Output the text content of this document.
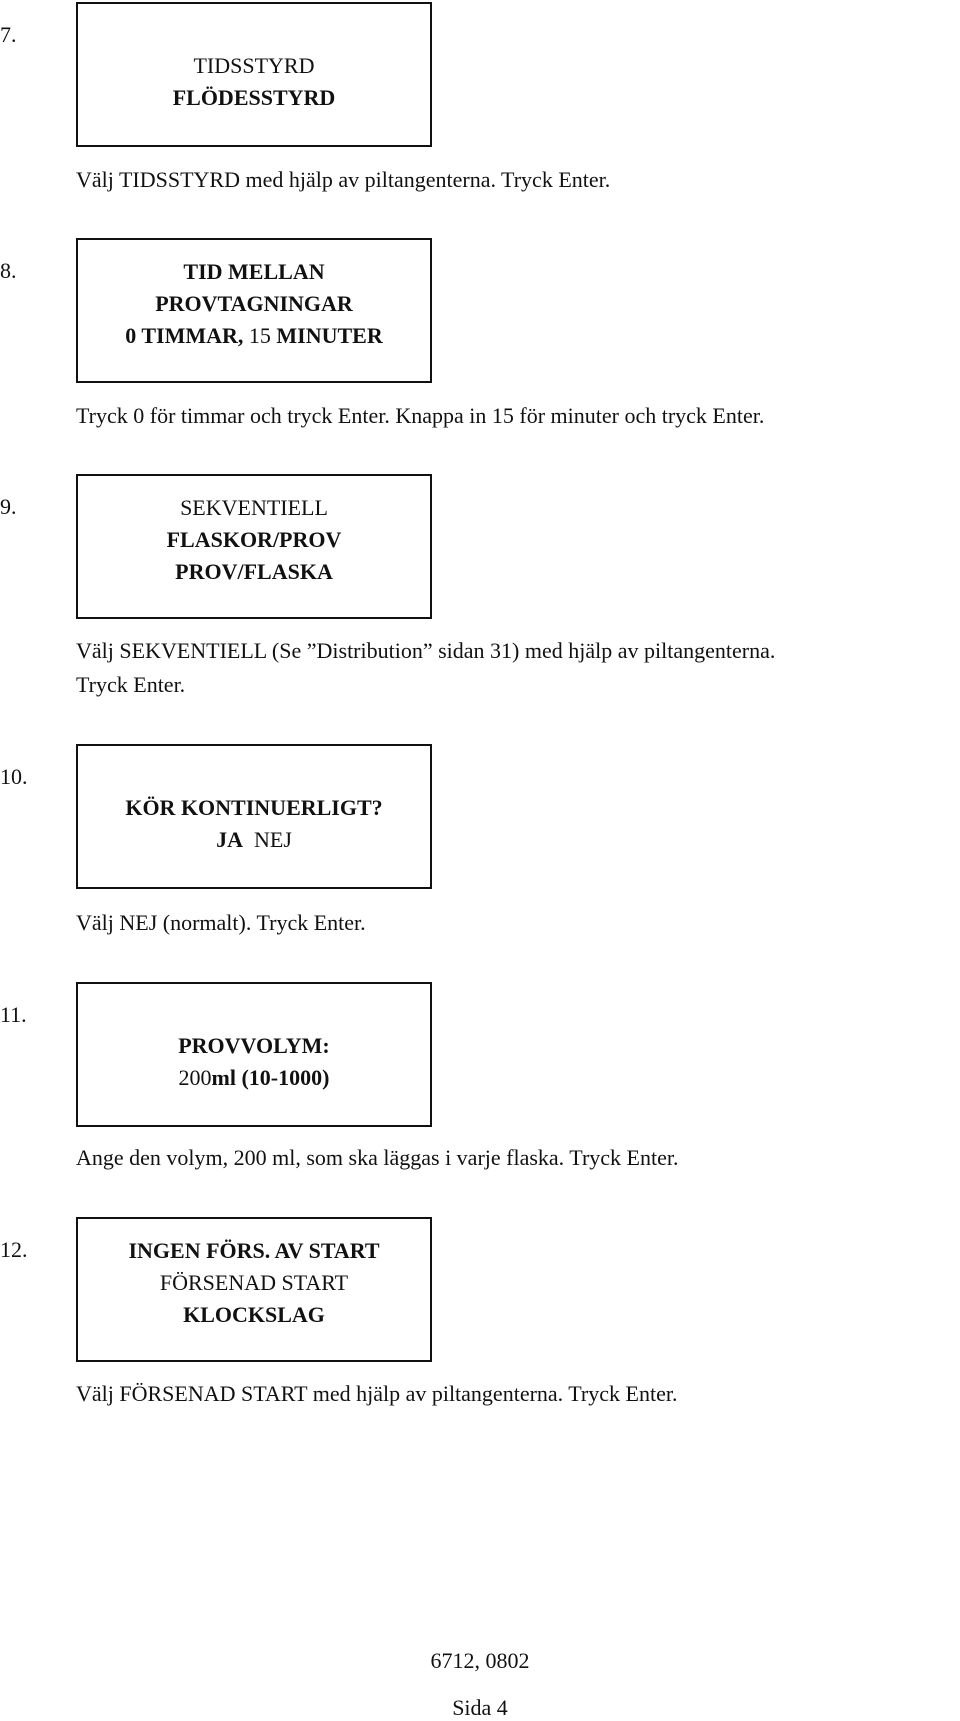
7.
TIDSSTYRD
FLÖDESSTYRD
Välj TIDSSTYRD med hjälp av piltangenterna. Tryck Enter.
8.	TID MELLAN
PROVTAGNINGAR
0 TIMMAR, 15 MINUTER
Tryck 0 för timmar och tryck Enter. Knappa in 15 för minuter och tryck Enter.
9.	SEKVENTIELL
FLASKOR/PROV
PROV/FLASKA
Välj SEKVENTIELL (Se ”Distribution” sidan 31) med hjälp av piltangenterna.
Tryck Enter.
10.
KÖR KONTINUERLIGT?
JA NEJ
Välj NEJ (normalt). Tryck Enter.
11.
PROVVOLYM:
200ml (10-1000)
Ange den volym, 200 ml, som ska läggas i varje flaska. Tryck Enter.
12.	INGEN FÖRS. AV START
FÖRSENAD START
KLOCKSLAG
Välj FÖRSENAD START med hjälp av piltangenterna. Tryck Enter.
6712, 0802
Sida 4
